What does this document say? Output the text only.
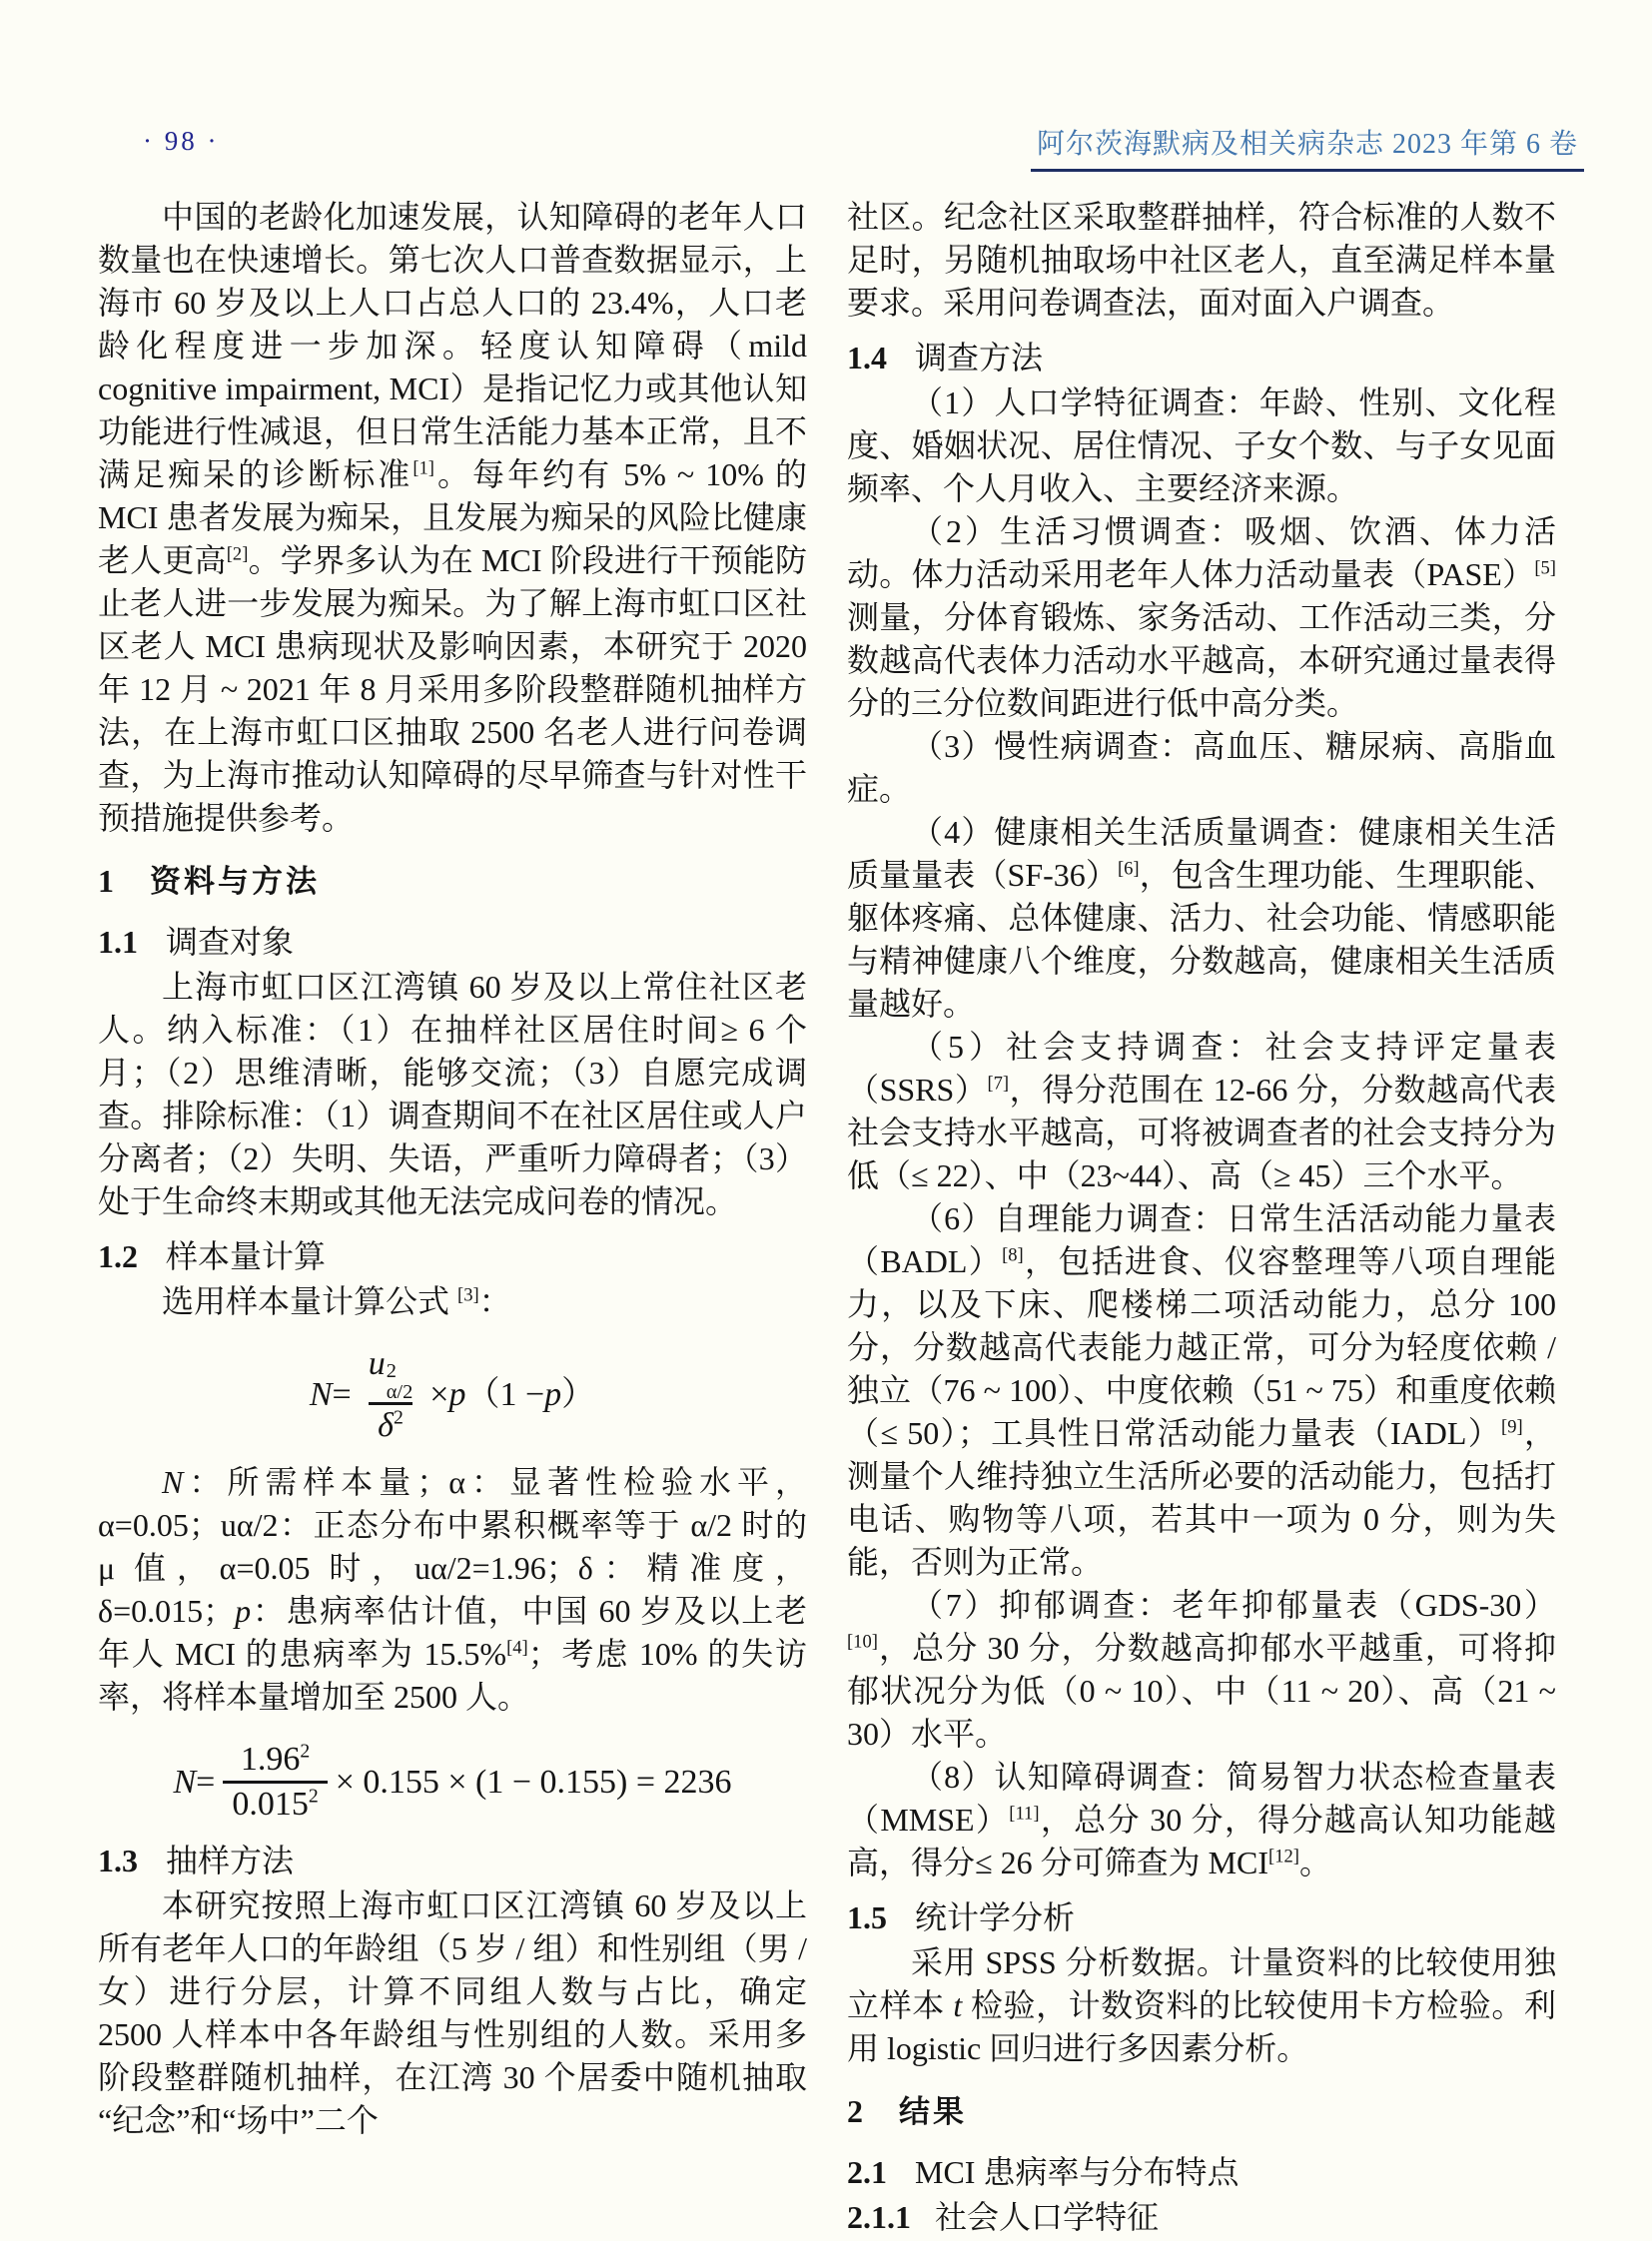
· 98 ·	阿尔茨海默病及相关病杂志 2023 年第 6 卷

中国的老龄化加速发展，认知障碍的老年人口数量也在快速增长。第七次人口普查数据显示，上海市 60 岁及以上人口占总人口的 23.4%，人口老龄化程度进一步加深。轻度认知障碍（mild cognitive impairment, MCI）是指记忆力或其他认知功能进行性减退，但日常生活能力基本正常，且不满足痴呆的诊断标准[1]。每年约有 5% ~ 10% 的 MCI 患者发展为痴呆，且发展为痴呆的风险比健康老人更高[2]。学界多认为在 MCI 阶段进行干预能防止老人进一步发展为痴呆。为了解上海市虹口区社区老人 MCI 患病现状及影响因素，本研究于 2020 年 12 月 ~ 2021 年 8 月采用多阶段整群随机抽样方法，在上海市虹口区抽取 2500 名老人进行问卷调查，为上海市推动认知障碍的尽早筛查与针对性干预措施提供参考。

1 资料与方法
1.1 调查对象

上海市虹口区江湾镇 60 岁及以上常住社区老人。纳入标准：（1）在抽样社区居住时间≥ 6 个月；（2）思维清晰，能够交流；（3）自愿完成调查。排除标准：（1）调查期间不在社区居住或人户分离者；（2）失明、失语，严重听力障碍者；（3）处于生命终末期或其他无法完成问卷的情况。

1.2 样本量计算

选用样本量计算公式 [3]：

N = u 2
α/2
δ$^2$ × p （1 − p ）

N：所需样本量；α：显著性检验水平，α=0.05；uα/2：正态分布中累积概率等于 α/2 时的 μ 值，α=0.05 时，uα/2=1.96；δ：精准度，δ=0.015；p：患病率估计值，中国 60 岁及以上老年人 MCI 的患病率为 15.5%[4]；考虑 10% 的失访率，将样本量增加至 2500 人。

$N = \frac{1.96^2}{0.015^2} \times 0.155 \times (1 - 0.155) = 2236$
1.3 抽样方法

本研究按照上海市虹口区江湾镇 60 岁及以上所有老年人口的年龄组（5 岁 / 组）和性别组（男 / 女）进行分层，计算不同组人数与占比，确定 2500 人样本中各年龄组与性别组的人数。采用多阶段整群随机抽样，在江湾 30 个居委中随机抽取“纪念”和“场中”二个

社区。纪念社区采取整群抽样，符合标准的人数不足时，另随机抽取场中社区老人，直至满足样本量要求。采用问卷调查法，面对面入户调查。

1.4 调查方法

（1）人口学特征调查：年龄、性别、文化程度、婚姻状况、居住情况、子女个数、与子女见面频率、个人月收入、主要经济来源。

（2）生活习惯调查：吸烟、饮酒、体力活动。体力活动采用老年人体力活动量表（PASE）[5] 测量，分体育锻炼、家务活动、工作活动三类，分数越高代表体力活动水平越高，本研究通过量表得分的三分位数间距进行低中高分类。

（3）慢性病调查：高血压、糖尿病、高脂血症。

（4）健康相关生活质量调查：健康相关生活质量量表（SF-36）[6]，包含生理功能、生理职能、躯体疼痛、总体健康、活力、社会功能、情感职能与精神健康八个维度，分数越高，健康相关生活质量越好。

（5）社会支持调查：社会支持评定量表（SSRS）[7]，得分范围在 12-66 分，分数越高代表社会支持水平越高，可将被调查者的社会支持分为低（≤ 22）、中（23~44）、高（≥ 45）三个水平。

（6）自理能力调查：日常生活活动能力量表（BADL）[8]，包括进食、仪容整理等八项自理能力，以及下床、爬楼梯二项活动能力，总分 100 分，分数越高代表能力越正常，可分为轻度依赖 / 独立（76 ~ 100）、中度依赖（51 ~ 75）和重度依赖（≤ 50）；工具性日常活动能力量表（IADL）[9]，测量个人维持独立生活所必要的活动能力，包括打电话、购物等八项，若其中一项为 0 分，则为失能，否则为正常。

（7）抑郁调查：老年抑郁量表（GDS-30）[10]，总分 30 分，分数越高抑郁水平越重，可将抑郁状况分为低（0 ~ 10）、中（11 ~ 20）、高（21 ~ 30）水平。

（8）认知障碍调查：简易智力状态检查量表（MMSE）[11]，总分 30 分，得分越高认知功能越高，得分≤ 26 分可筛查为 MCI[12]。

1.5 统计学分析

采用 SPSS 分析数据。计量资料的比较使用独立样本 t 检验，计数资料的比较使用卡方检验。利用 logistic 回归进行多因素分析。

2 结果
2.1 MCI 患病率与分布特点
2.1.1 社会人口学特征
